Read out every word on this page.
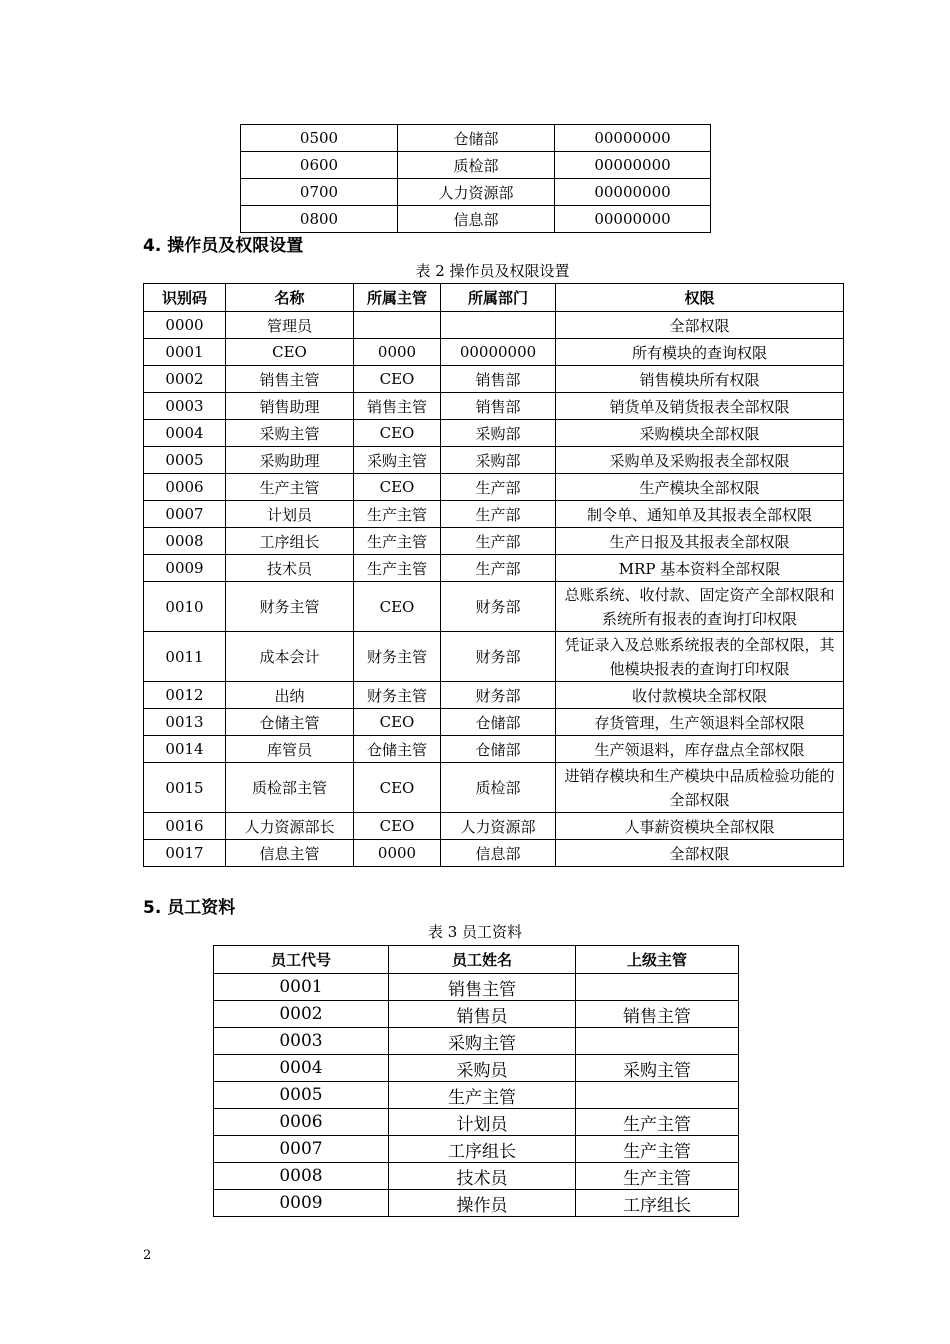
0500	仓储部	00000000
0600	质检部	00000000
0700	人力资源部	00000000
0800	信息部	00000000
4. 操作员及权限设置

表 2 操作员及权限设置

识别码	名称	所属主管	所属部门	权限
0000	管理员			全部权限
0001	CEO	0000	00000000	所有模块的查询权限
0002	销售主管	CEO	销售部	销售模块所有权限
0003	销售助理	销售主管	销售部	销货单及销货报表全部权限
0004	采购主管	CEO	采购部	采购模块全部权限
0005	采购助理	采购主管	采购部	采购单及采购报表全部权限
0006	生产主管	CEO	生产部	生产模块全部权限
0007	计划员	生产主管	生产部	制令单、通知单及其报表全部权限
0008	工序组长	生产主管	生产部	生产日报及其报表全部权限
0009	技术员	生产主管	生产部	MRP 基本资料全部权限
0010	财务主管	CEO	财务部	总账系统、收付款、固定资产全部权限和系统所有报表的查询打印权限
0011	成本会计	财务主管	财务部	凭证录入及总账系统报表的全部权限，其他模块报表的查询打印权限
0012	出纳	财务主管	财务部	收付款模块全部权限
0013	仓储主管	CEO	仓储部	存货管理，生产领退料全部权限
0014	库管员	仓储主管	仓储部	生产领退料，库存盘点全部权限
0015	质检部主管	CEO	质检部	进销存模块和生产模块中品质检验功能的全部权限
0016	人力资源部长	CEO	人力资源部	人事薪资模块全部权限
0017	信息主管	0000	信息部	全部权限
5. 员工资料

表 3 员工资料

员工代号	员工姓名	上级主管
0001	销售主管	
0002	销售员	销售主管
0003	采购主管	
0004	采购员	采购主管
0005	生产主管	
0006	计划员	生产主管
0007	工序组长	生产主管
0008	技术员	生产主管
0009	操作员	工序组长

2
